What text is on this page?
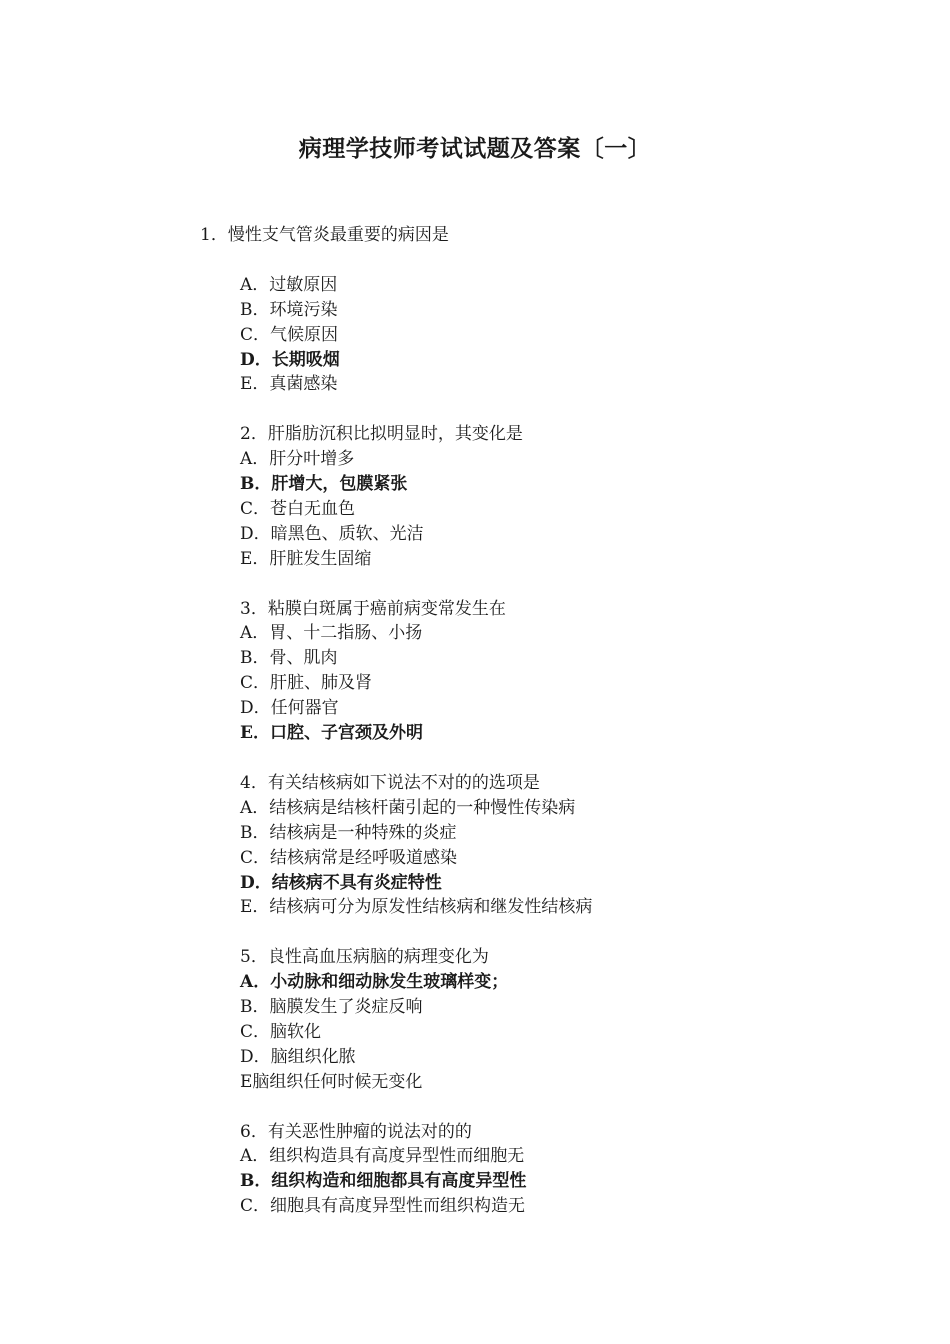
病理学技师考试试题及答案〔一〕
1．慢性支气管炎最重要的病因是
A．过敏原因
B．环境污染
C．气候原因
D．长期吸烟
E．真菌感染
2．肝脂肪沉积比拟明显时，其变化是
A．肝分叶增多
B．肝增大，包膜紧张
C．苍白无血色
D．暗黑色、质软、光洁
E．肝脏发生固缩
3．粘膜白斑属于癌前病变常发生在
A．胃、十二指肠、小扬
B．骨、肌肉
C．肝脏、肺及肾
D．任何器官
E．口腔、子宫颈及外明
4．有关结核病如下说法不对的的选项是
A．结核病是结核杆菌引起的一种慢性传染病
B．结核病是一种特殊的炎症
C．结核病常是经呼吸道感染
D．结核病不具有炎症特性
E．结核病可分为原发性结核病和继发性结核病
5．良性高血压病脑的病理变化为
A．小动脉和细动脉发生玻璃样变；
B．脑膜发生了炎症反响
C．脑软化
D．脑组织化脓
E脑组织任何时候无变化
6．有关恶性肿瘤的说法对的的
A．组织构造具有高度异型性而细胞无
B．组织构造和细胞都具有高度异型性
C．细胞具有高度异型性而组织构造无
